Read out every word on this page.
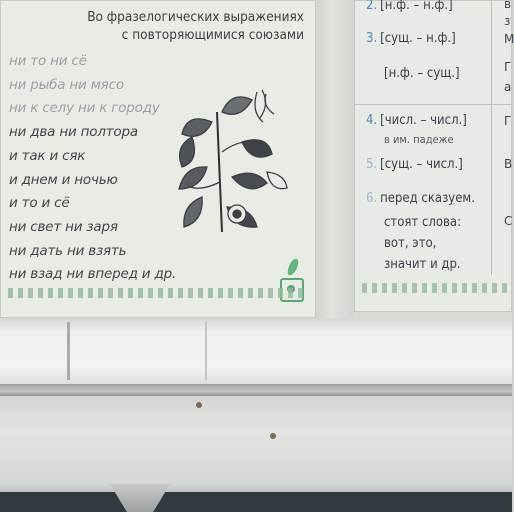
Во фразелогических выражениях
с повторяющимися союзами
ни то ни сё
ни рыба ни мясо
ни к селу ни к городу
ни два ни полтора
и так и сяк
и днем и ночью
и то и сё
ни свет ни заря
ни дать ни взять
ни взад ни вперед и др.
2. [н.ф. – н.ф.]
3. [сущ. – н.ф.]
[н.ф. – сущ.]
4. [числ. – числ.]
в им. падеже
5. [сущ. – числ.]
6. перед сказуем.
стоят слова:
вот, это,
значит и др.
в
з
М
Г
а
Г
В
С
